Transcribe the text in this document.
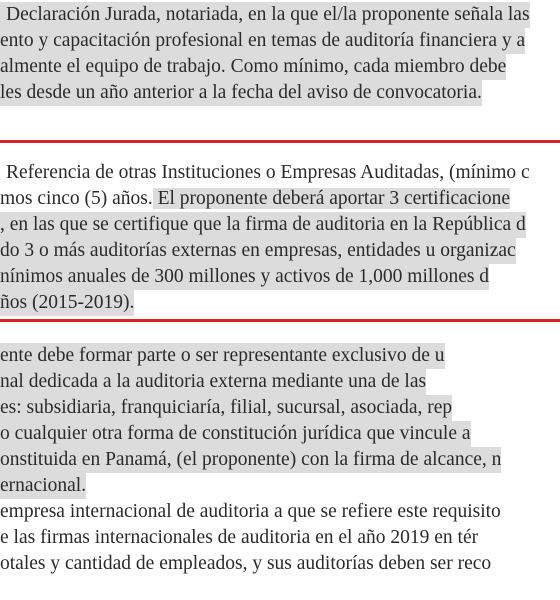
Declaración Jurada, notariada, en la que el/la proponente señala las

ento y capacitación profesional en temas de auditoría financiera y a

almente el equipo de trabajo. Como mínimo, cada miembro debe

les desde un año anterior a la fecha del aviso de convocatoria.

Referencia de otras Instituciones o Empresas Auditadas, (mínimo c

mos cinco (5) años. El proponente deberá aportar 3 certificacione

, en las que se certifique que la firma de auditoria en la República d

do 3 o más auditorías externas en empresas, entidades u organizac

nínimos anuales de 300 millones y activos de 1,000 millones d

ños (2015-2019).

ente debe formar parte o ser representante exclusivo de u

nal dedicada a la auditoria externa mediante una de las

es: subsidiaria, franquiciaría, filial, sucursal, asociada, rep

o cualquier otra forma de constitución jurídica que vincule a

onstituida en Panamá, (el proponente) con la firma de alcance, n

ernacional.

empresa internacional de auditoria a que se refiere este requisito

e las firmas internacionales de auditoria en el año 2019 en tér

otales y cantidad de empleados, y sus auditorías deben ser reco
